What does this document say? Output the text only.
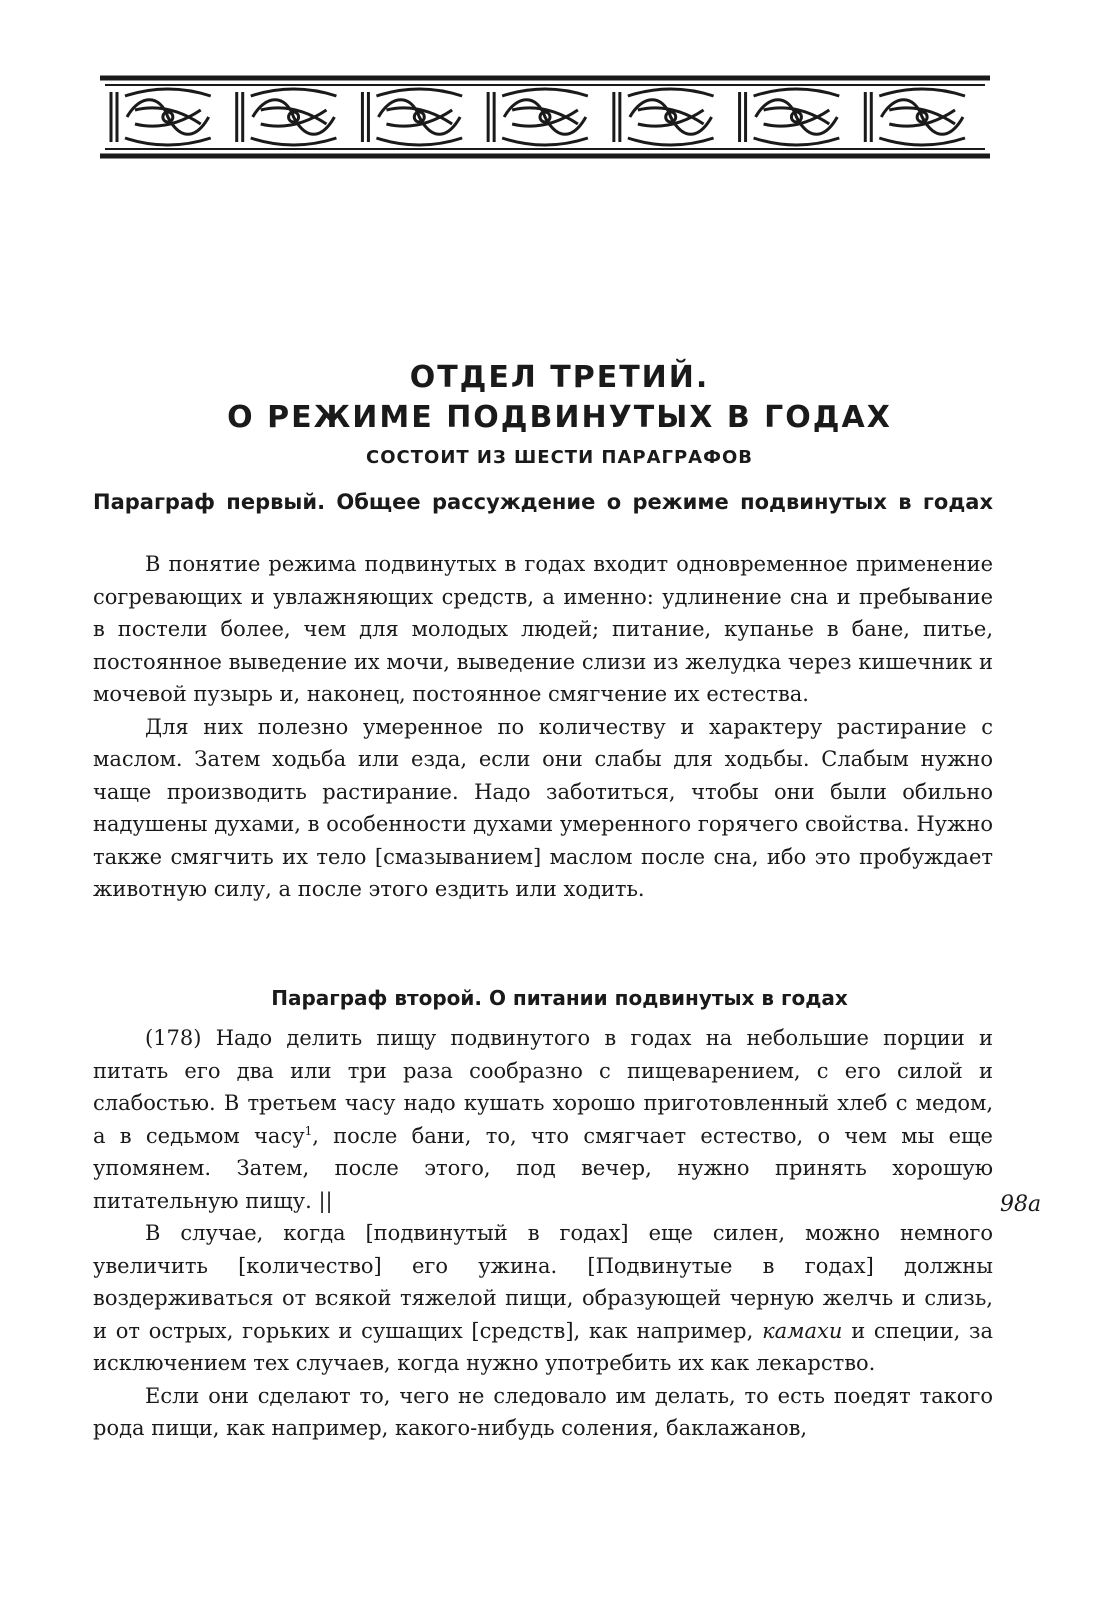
ОТДЕЛ ТРЕТИЙ.
О РЕЖИМЕ ПОДВИНУТЫХ В ГОДАХ
СОСТОИТ ИЗ ШЕСТИ ПАРАГРАФОВ
Параграф первый. Общее рассуждение о режиме подвинутых в годах

В понятие режима подвинутых в годах входит одновременное применение согревающих и увлажняющих средств, а именно: удлинение сна и пребывание в постели более, чем для молодых людей; питание, купанье в бане, питье, постоянное выведение их мочи, выведение слизи из желудка через кишечник и мочевой пузырь и, наконец, постоянное смягчение их естества.

Для них полезно умеренное по количеству и характеру растирание с маслом. Затем ходьба или езда, если они слабы для ходьбы. Слабым нужно чаще производить растирание. Надо заботиться, чтобы они были обильно надушены духами, в особенности духами умеренного горячего свойства. Нужно также смягчить их тело [смазыванием] маслом после сна, ибо это пробуждает животную силу, а после этого ездить или ходить.

Параграф второй. О питании подвинутых в годах

(178) Надо делить пищу подвинутого в годах на небольшие порции и питать его два или три раза сообразно с пищеварением, с его силой и слабостью. В третьем часу надо кушать хорошо приготовленный хлеб с медом, а в седьмом часу$^1$, после бани, то, что смягчает естество, о чем мы еще упомянем. Затем, после этого, под вечер, нужно принять хорошую питательную пищу. ||

В случае, когда [подвинутый в годах] еще силен, можно немного увеличить [количество] его ужина. [Подвинутые в годах] должны воздерживаться от всякой тяжелой пищи, образующей черную желчь и слизь, и от острых, горьких и сушащих [средств], как например, камахи и специи, за исключением тех случаев, когда нужно употребить их как лекарство.

Если они сделают то, чего не следовало им делать, то есть поедят такого рода пищи, как например, какого-нибудь соления, баклажанов,

98a
